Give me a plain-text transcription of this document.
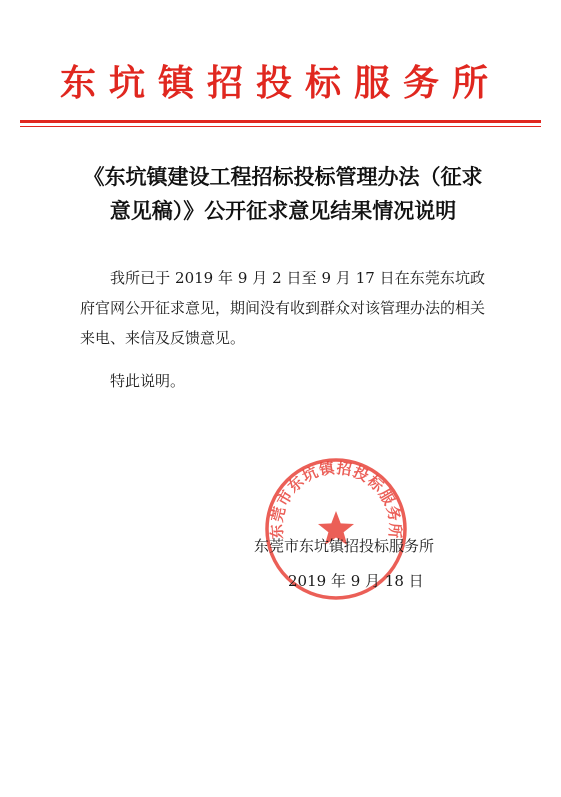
东坑镇招投标服务所
《东坑镇建设工程招标投标管理办法（征求
意见稿）》公开征求意见结果情况说明

我所已于 2019 年 9 月 2 日至 9 月 17 日在东莞东坑政府官网公开征求意见，期间没有收到群众对该管理办法的相关来电、来信及反馈意见。

特此说明。
东莞市东坑镇招投标服务所
东莞市东坑镇招投标服务所
2019 年 9 月 18 日
